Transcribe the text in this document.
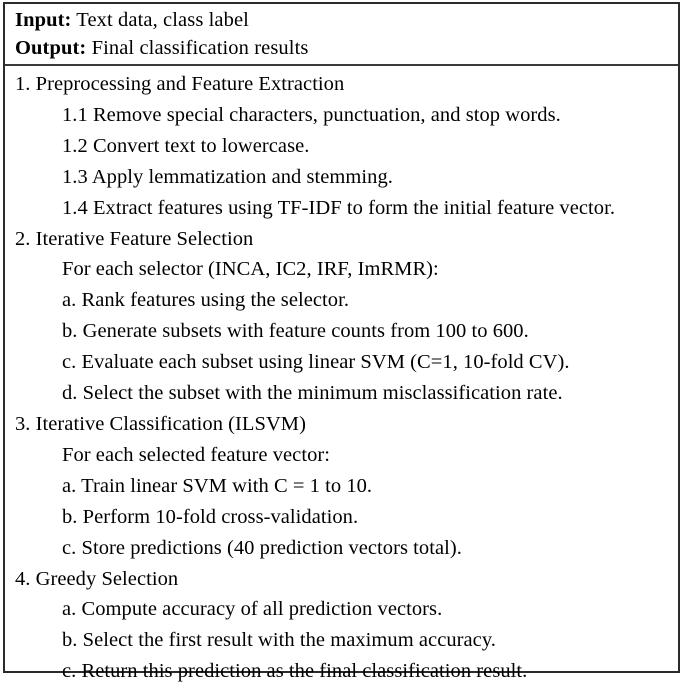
Input: Text data, class label
Output: Final classification results
1. Preprocessing and Feature Extraction
1.1 Remove special characters, punctuation, and stop words.
1.2 Convert text to lowercase.
1.3 Apply lemmatization and stemming.
1.4 Extract features using TF-IDF to form the initial feature vector.
2. Iterative Feature Selection
For each selector (INCA, IC2, IRF, ImRMR):
a. Rank features using the selector.
b. Generate subsets with feature counts from 100 to 600.
c. Evaluate each subset using linear SVM (C=1, 10-fold CV).
d. Select the subset with the minimum misclassification rate.
3. Iterative Classification (ILSVM)
For each selected feature vector:
a. Train linear SVM with C = 1 to 10.
b. Perform 10-fold cross-validation.
c. Store predictions (40 prediction vectors total).
4. Greedy Selection
a. Compute accuracy of all prediction vectors.
b. Select the first result with the maximum accuracy.
c. Return this prediction as the final classification result.
